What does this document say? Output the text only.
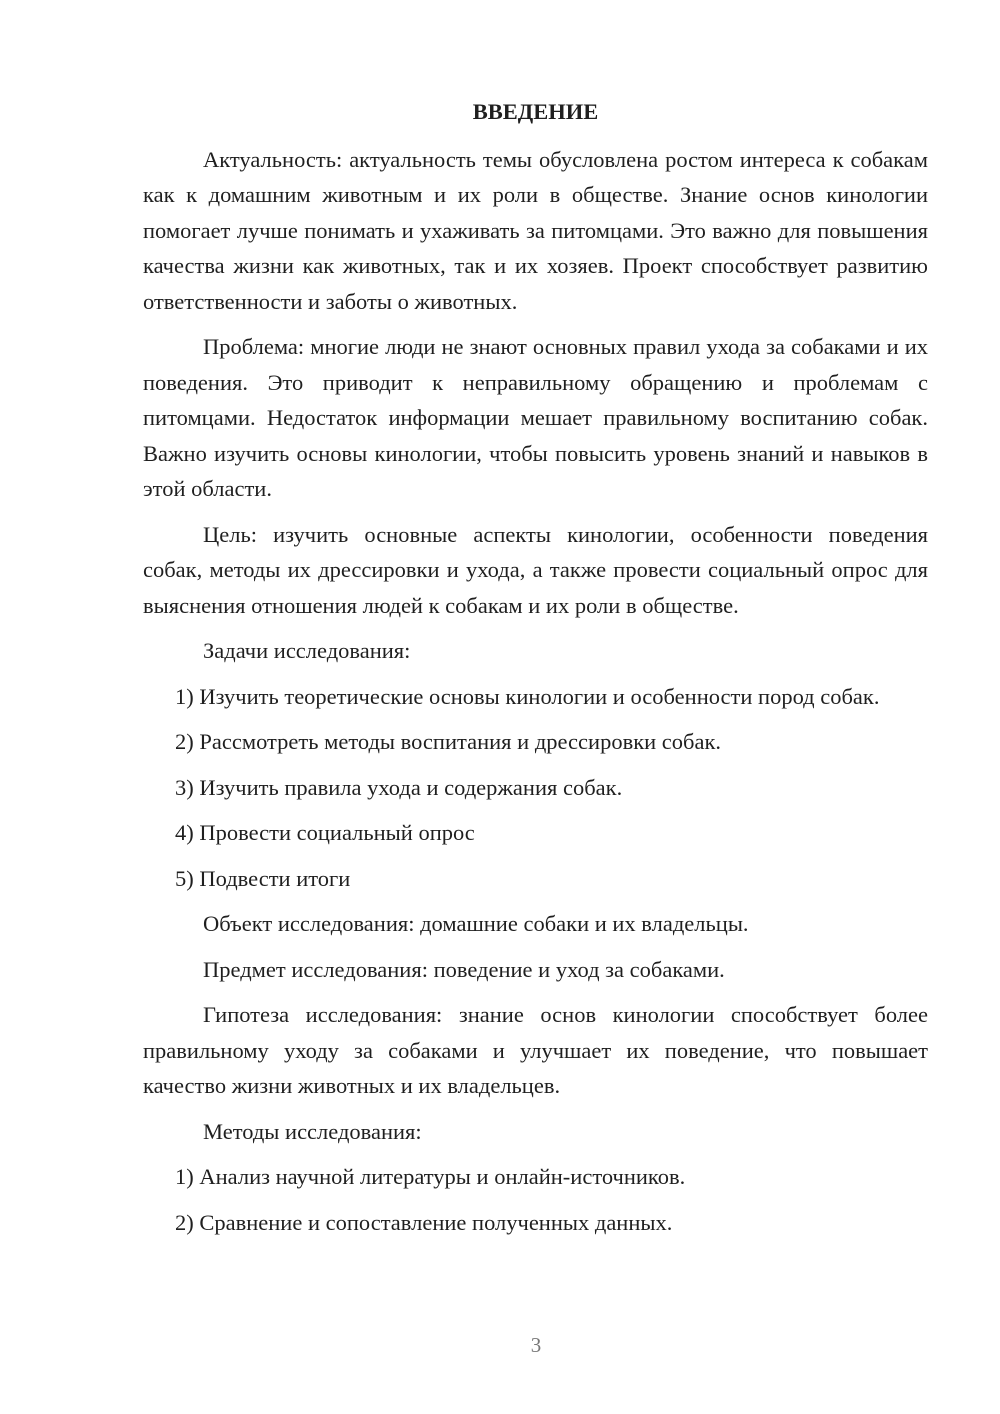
ВВЕДЕНИЕ

Актуальность: актуальность темы обусловлена ростом интереса к собакам как к домашним животным и их роли в обществе. Знание основ кинологии помогает лучше понимать и ухаживать за питомцами. Это важно для повышения качества жизни как животных, так и их хозяев. Проект способствует развитию ответственности и заботы о животных.

Проблема: многие люди не знают основных правил ухода за собаками и их поведения. Это приводит к неправильному обращению и проблемам с питомцами. Недостаток информации мешает правильному воспитанию собак. Важно изучить основы кинологии, чтобы повысить уровень знаний и навыков в этой области.

Цель: изучить основные аспекты кинологии, особенности поведения собак, методы их дрессировки и ухода, а также провести социальный опрос для выяснения отношения людей к собакам и их роли в обществе.

Задачи исследования:

1) Изучить теоретические основы кинологии и особенности пород собак.

2) Рассмотреть методы воспитания и дрессировки собак.

3) Изучить правила ухода и содержания собак.

4) Провести социальный опрос

5) Подвести итоги

Объект исследования: домашние собаки и их владельцы.

Предмет исследования: поведение и уход за собаками.

Гипотеза исследования: знание основ кинологии способствует более правильному уходу за собаками и улучшает их поведение, что повышает качество жизни животных и их владельцев.

Методы исследования:

1) Анализ научной литературы и онлайн-источников.

2) Сравнение и сопоставление полученных данных.

3
